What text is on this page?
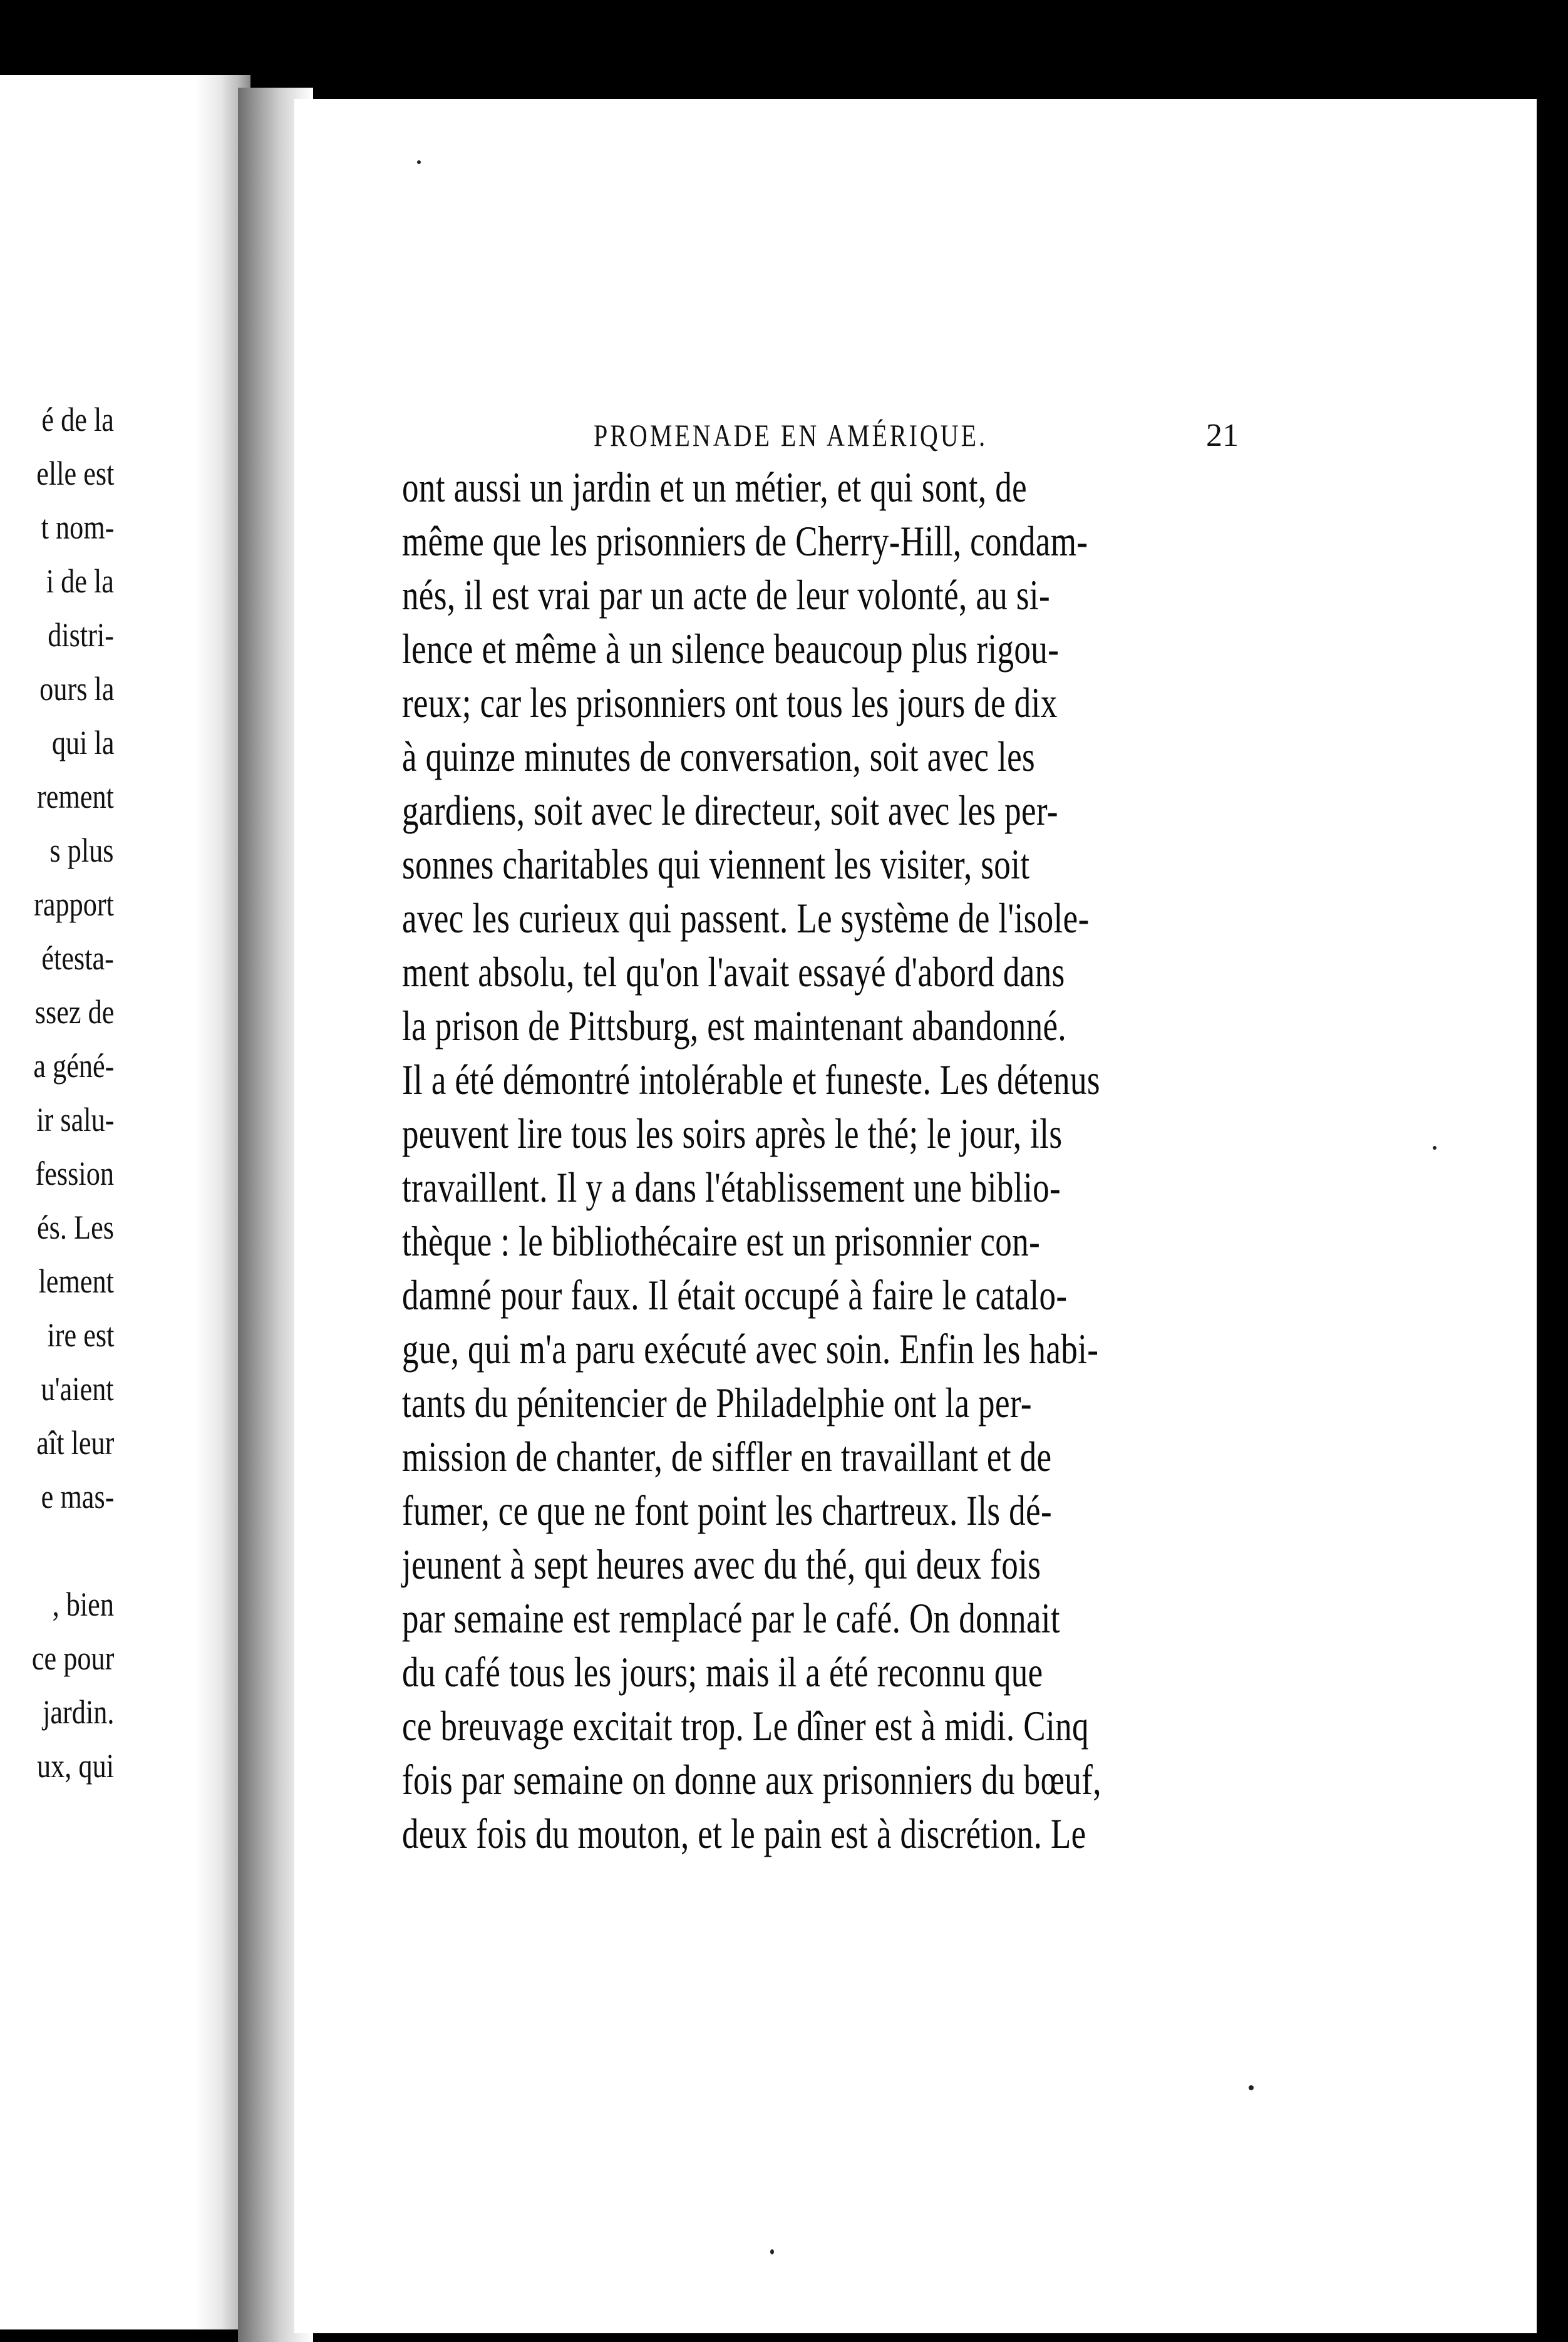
é de la
elle est
t nom-
i de la
distri-
ours la
qui la
rement
s plus
rapport
étesta-
ssez de
a géné-
ir salu-
fession
és. Les
lement
ire est
u'aient
aît leur
e mas-
, bien
ce pour
jardin.
ux, qui
PROMENADE EN AMÉRIQUE.	21
ont aussi un jardin et un métier, et qui sont, de
même que les prisonniers de Cherry-Hill, condam-
nés, il est vrai par un acte de leur volonté, au si-
lence et même à un silence beaucoup plus rigou-
reux; car les prisonniers ont tous les jours de dix
à quinze minutes de conversation, soit avec les
gardiens, soit avec le directeur, soit avec les per-
sonnes charitables qui viennent les visiter, soit
avec les curieux qui passent. Le système de l'isole-
ment absolu, tel qu'on l'avait essayé d'abord dans
la prison de Pittsburg, est maintenant abandonné.
Il a été démontré intolérable et funeste. Les détenus
peuvent lire tous les soirs après le thé; le jour, ils
travaillent. Il y a dans l'établissement une biblio-
thèque : le bibliothécaire est un prisonnier con-
damné pour faux. Il était occupé à faire le catalo-
gue, qui m'a paru exécuté avec soin. Enfin les habi-
tants du pénitencier de Philadelphie ont la per-
mission de chanter, de siffler en travaillant et de
fumer, ce que ne font point les chartreux. Ils dé-
jeunent à sept heures avec du thé, qui deux fois
par semaine est remplacé par le café. On donnait
du café tous les jours; mais il a été reconnu que
ce breuvage excitait trop. Le dîner est à midi. Cinq
fois par semaine on donne aux prisonniers du bœuf,
deux fois du mouton, et le pain est à discrétion. Le
